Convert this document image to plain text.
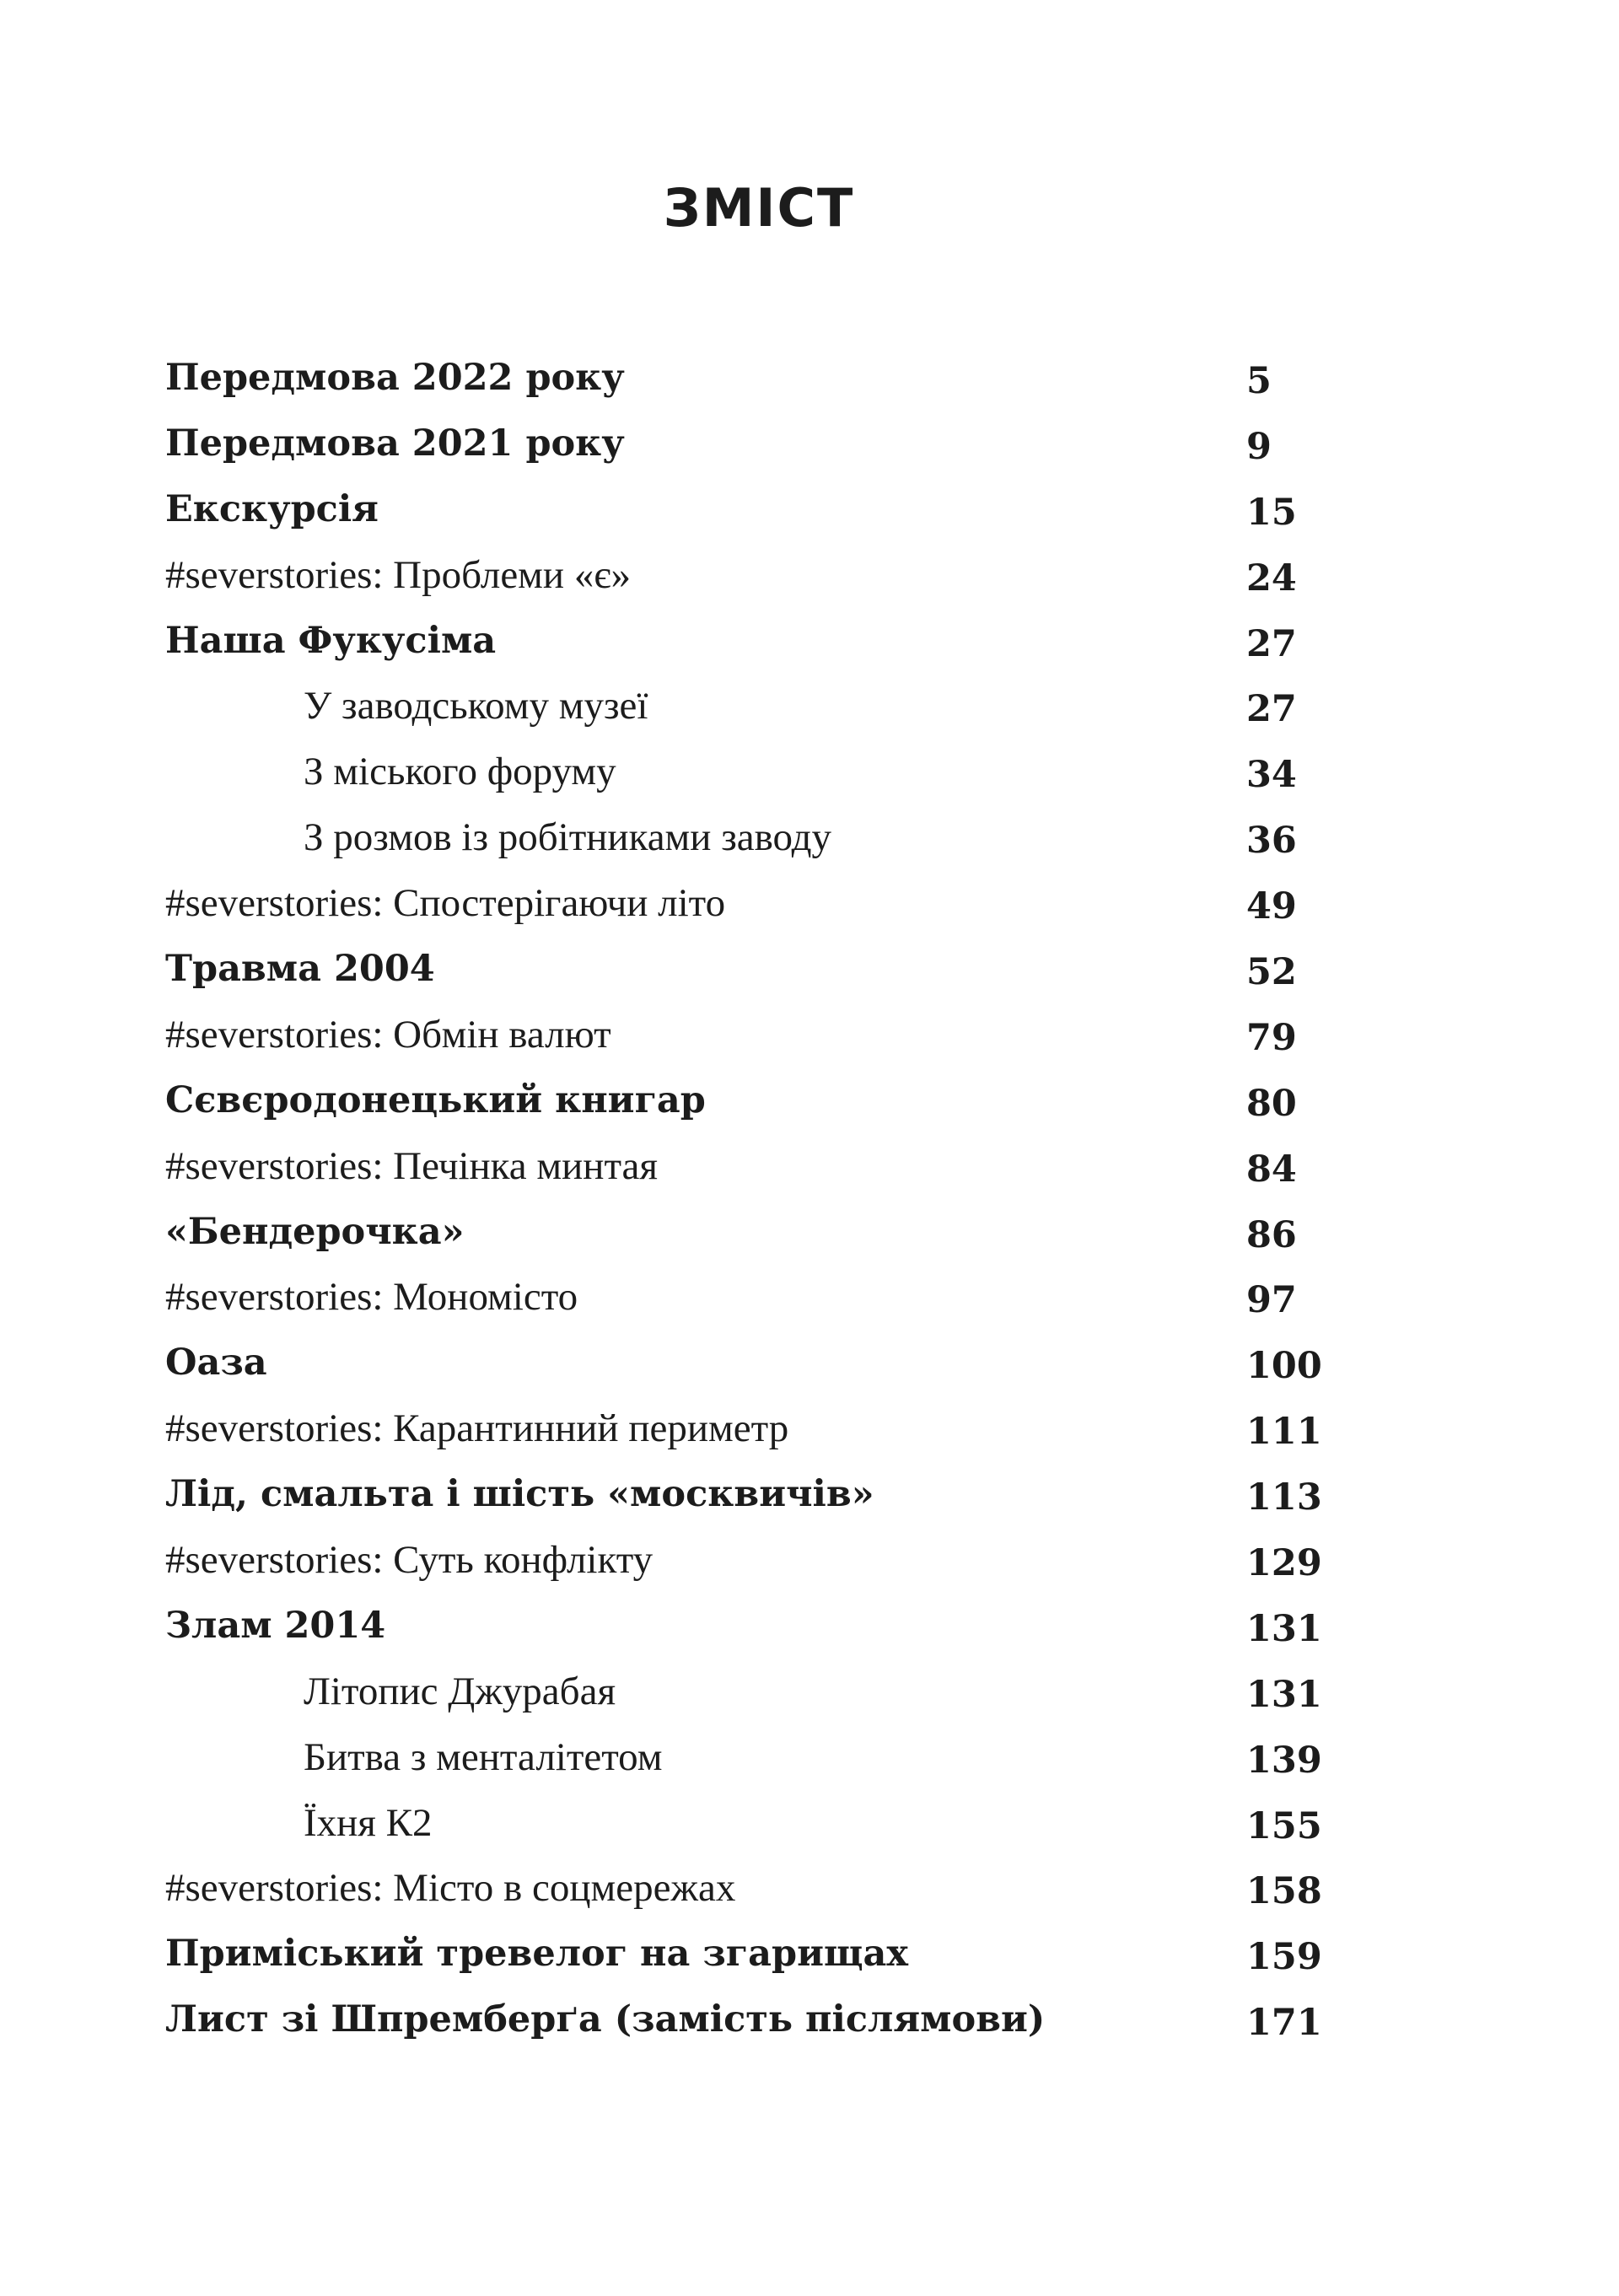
ЗМІСТ
Передмова 2022 року	5
Передмова 2021 року	9
Екскурсія	15
#severstories: Проблеми «є»	24
Наша Фукусіма	27
У заводському музеї	27
З міського форуму	34
З розмов із робітниками заводу	36
#severstories: Спостерігаючи літо	49
Травма 2004	52
#severstories: Обмін валют	79
Сєвєродонецький книгар	80
#severstories: Печінка минтая	84
«Бендерочка»	86
#severstories: Мономісто	97
Оаза	100
#severstories: Карантинний периметр	111
Лід, смальта і шість «москвичів»	113
#severstories: Суть конфлікту	129
Злам 2014	131
Літопис Джурабая	131
Битва з менталітетом	139
Їхня К2	155
#severstories: Місто в соцмережах	158
Приміський тревелог на згарищах	159
Лист зі Шпремберґа (замість післямови)	171
